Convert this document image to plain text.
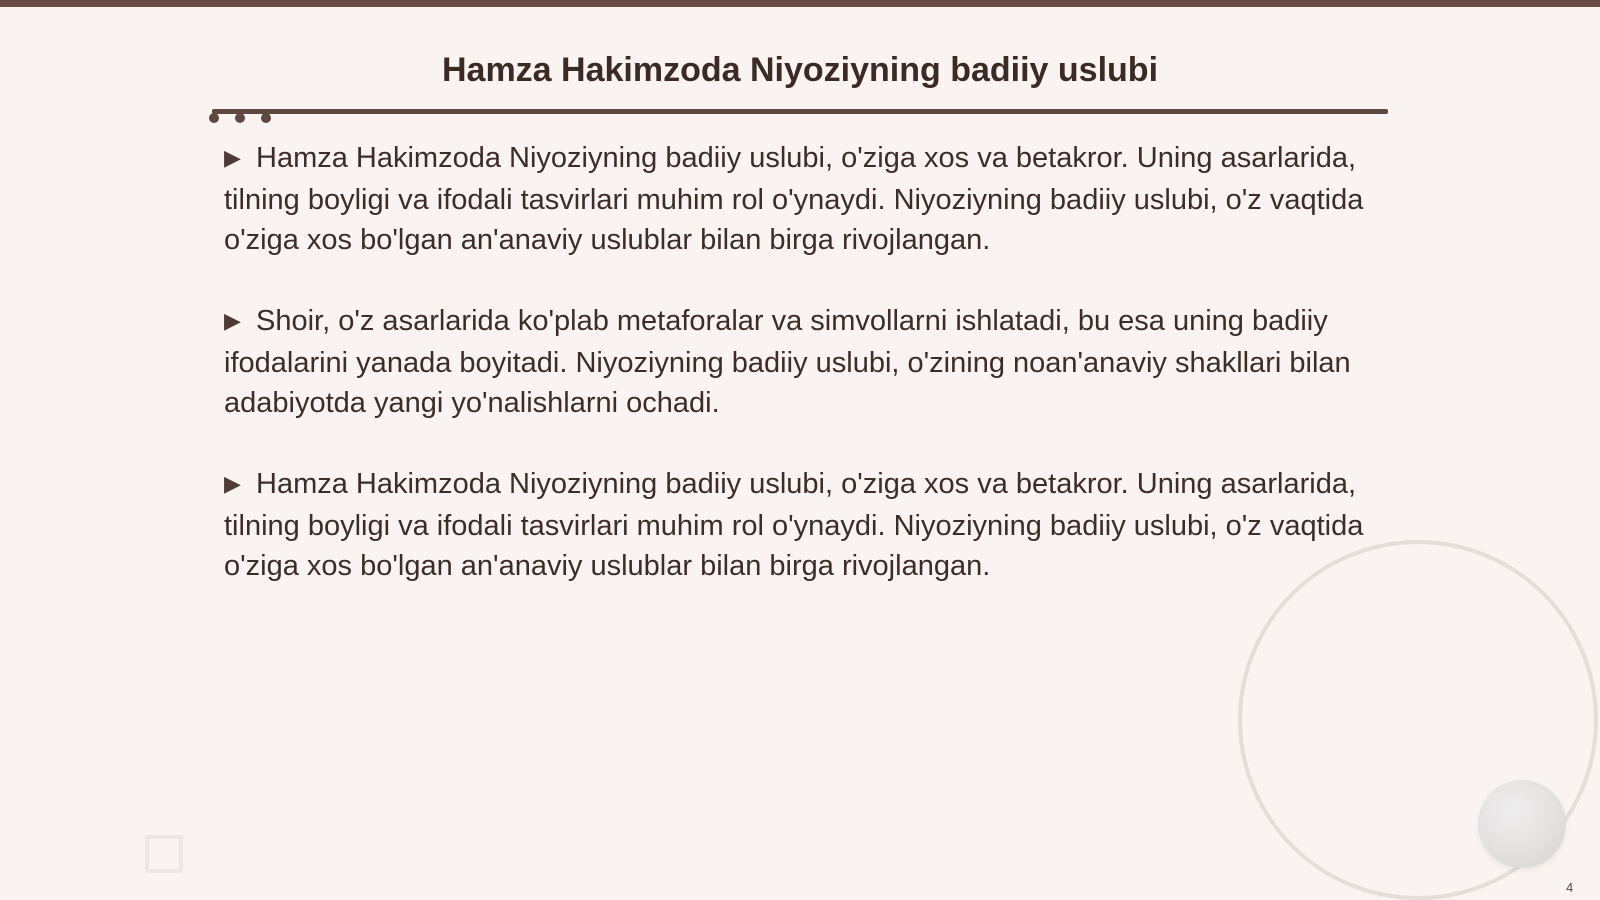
Hamza Hakimzoda Niyoziyning badiiy uslubi
▶ Hamza Hakimzoda Niyoziyning badiiy uslubi, o'ziga xos va betakror. Uning asarlarida, tilning boyligi va ifodali tasvirlari muhim rol o'ynaydi. Niyoziyning badiiy uslubi, o'z vaqtida o'ziga xos bo'lgan an'anaviy uslublar bilan birga rivojlangan.
▶ Shoir, o'z asarlarida ko'plab metaforalar va simvollarni ishlatadi, bu esa uning badiiy ifodalarini yanada boyitadi. Niyoziyning badiiy uslubi, o'zining noan'anaviy shakllari bilan adabiyotda yangi yo'nalishlarni ochadi.
▶ Hamza Hakimzoda Niyoziyning badiiy uslubi, o'ziga xos va betakror. Uning asarlarida, tilning boyligi va ifodali tasvirlari muhim rol o'ynaydi. Niyoziyning badiiy uslubi, o'z vaqtida o'ziga xos bo'lgan an'anaviy uslublar bilan birga rivojlangan.
4
